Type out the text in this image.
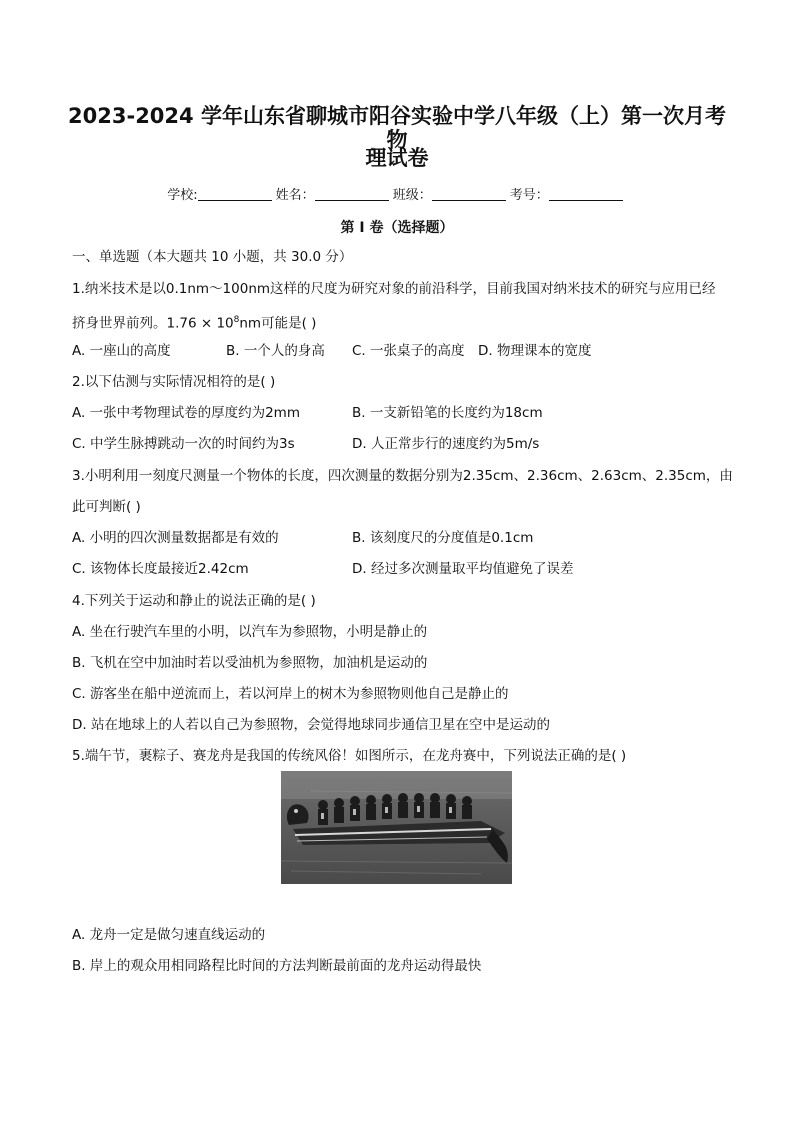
2023-2024 学年山东省聊城市阳谷实验中学八年级（上）第一次月考物
理试卷
学校:	姓名：	班级：	考号：
第 I 卷（选择题）
一、单选题（本大题共 10 小题，共 30.0 分）
1.纳米技术是以0.1nm～100nm这样的尺度为研究对象的前沿科学，目前我国对纳米技术的研究与应用已经
挤身世界前列。$1.76 \times 10^8nm$可能是( )
A. 一座山的高度	B. 一个人的身高 C. 一张桌子的高度 D. 物理课本的宽度
2.以下估测与实际情况相符的是( )
A. 一张中考物理试卷的厚度约为2mm	B. 一支新铅笔的长度约为18cm
C. 中学生脉搏跳动一次的时间约为3s	D. 人正常步行的速度约为5m/s
3.小明利用一刻度尺测量一个物体的长度，四次测量的数据分别为2.35cm、2.36cm、2.63cm、2.35cm，由
此可判断( )
A. 小明的四次测量数据都是有效的	B. 该刻度尺的分度值是0.1cm
C. 该物体长度最接近2.42cm	D. 经过多次测量取平均值避免了误差
4.下列关于运动和静止的说法正确的是( )
A. 坐在行驶汽车里的小明，以汽车为参照物，小明是静止的
B. 飞机在空中加油时若以受油机为参照物，加油机是运动的
C. 游客坐在船中逆流而上，若以河岸上的树木为参照物则他自己是静止的
D. 站在地球上的人若以自己为参照物，会觉得地球同步通信卫星在空中是运动的
5.端午节，裹粽子、赛龙舟是我国的传统风俗！如图所示，在龙舟赛中，下列说法正确的是( )
A. 龙舟一定是做匀速直线运动的
B. 岸上的观众用相同路程比时间的方法判断最前面的龙舟运动得最快
